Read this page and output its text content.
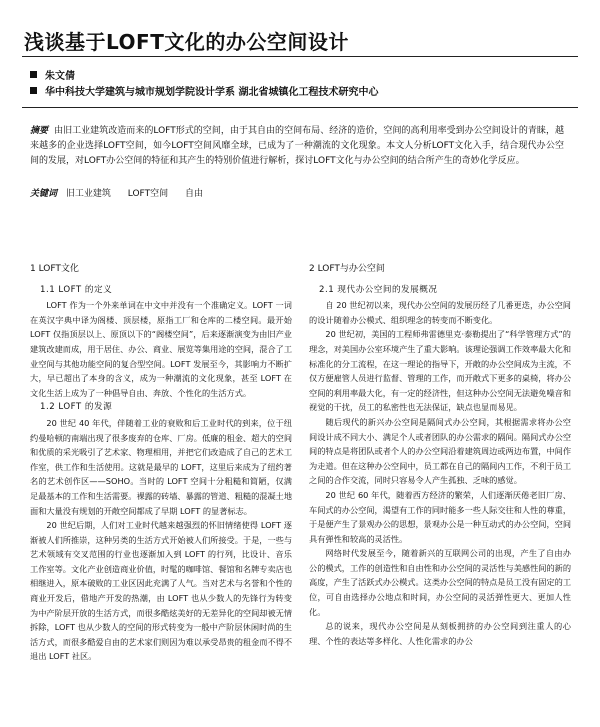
浅谈基于LOFT文化的办公空间设计
朱文倩
华中科技大学建筑与城市规划学院设计学系 湖北省城镇化工程技术研究中心

摘要 由旧工业建筑改造而来的LOFT形式的空间，由于其自由的空间布局、经济的造价，空间的高利用率受到办公空间设计的青睐，越来越多的企业选择LOFT空间，如今LOFT空间风靡全球，已成为了一种潮流的文化现象。本文人分析LOFT文化入手，结合现代办公空间的发展，对LOFT办公空间的特征和其产生的特别价值进行解析，探讨LOFT文化与办公空间的结合所产生的奇妙化学反应。

关键词 旧工业建筑 LOFT空间 自由
1 LOFT文化
1.1 LOFT 的定义

LOFT 作为一个外来单词在中文中并没有一个准确定义。LOFT 一词在英汉字典中译为阁楼、顶层楼，原指工厂和仓库的二楼空间。最开始 LOFT 仅指顶层以上、原顶以下的“阁楼空间”，后来逐渐演变为由旧产业建筑改建而成，用于居住、办公、商业、展览等集用途的空间，混合了工业空间与其他功能空间的复合型空间。LOFT 发展至今，其影响力不断扩大，早已超出了本身的含义，成为一种潮流的文化现象，甚至 LOFT 在文化生活上成为了一种倡导自由、奔放、个性化的生活方式。

1.2 LOFT 的发源

20 世纪 40 年代，伴随着工业的衰败和后工业时代的到来，位于纽约曼哈顿的南端出现了很多废弃的仓库、厂房。低廉的租金、超大的空间和优质的采光吸引了艺术家、物理相用，并把它们改造成了自己的艺术工作室，供工作和生活使用。这就是最早的 LOFT，这里后来成为了纽约著名的艺术创作区——SOHO。当时的 LOFT 空间十分粗糙和简陋，仅满足最基本的工作和生活需要。裸露的砖墙、暴露的管道、粗糙的混凝土地面和大量没有规划的开敞空间都成了早期 LOFT 的显著标志。

20 世纪后期，人们对工业时代越来越强烈的怀旧情绪使得 LOFT 逐渐被人们所推崇，这种另类的生活方式开始被人们所接受。于是，一些与艺术领域有交叉范围的行业也逐渐加入到 LOFT 的行列，比设计、音乐工作室等。文化产业创造商业价值，时髦的咖啡馆、餐馆和名牌专卖店也相继进入，原本破败的工业区因此充满了人气。当对艺术与名誉和个性的商业开发后，借地产开发的热潮，由 LOFT 也从少数人的先锋行为转变为中产阶层开放的生活方式，而很多酷炫美好的无差异化的空间却被无情拆除，LOFT 也从少数人的空间的形式转变为一般中产阶层休闲时尚的生活方式，而很多酷爱自由的艺术家们则因为难以承受昂贵的租金而不得不退出 LOFT 社区。

2 LOFT与办公空间
2.1 现代办公空间的发展概况

自 20 世纪初以来，现代办公空间的发展历经了几番更迭，办公空间的设计随着办公模式、组织理念的转变而不断变化。

20 世纪初，美国的工程师弗雷德里克·泰勒提出了“科学管理方式”的理念，对美国办公室环境产生了重大影响。该理论强调工作效率最大化和标准化的分工流程，在这一理论的指导下，开敞的办公空间成为主流，不仅方便雇管人员进行监督、管理的工作，而开敞式下更多的桌椅，将办公空间的利用率最大化，有一定的经济性，但这种办公空间无法避免噪音和视觉的干扰，员工的私密性也无法保证，缺点也显而易见。

随后现代的新兴办公空间是隔间式办公空间，其根据需求将办公空间设计成不同大小、满足个人或者团队的办公需求的隔间。隔间式办公空间的特点是将团队或者个人的办公空间沿着建筑周边或两边布置，中间作为走道。但在这种办公空间中，员工都在自己的隔间内工作，不利于员工之间的合作交流，同时只容易令人产生孤独、乏味的感觉。

20 世纪 60 年代，随着西方经济的繁荣，人们逐渐厌倦老旧厂房、车间式的办公空间，渴望有工作的同时能多一些人际交往和人性的尊重，于是便产生了景观办公的思想，景观办公是一种互动式的办公空间，空间具有弹性和较高的灵活性。

网络时代发展至今，随着新兴的互联网公司的出现，产生了自由办公的模式，工作的创造性和自由性和办公空间的灵活性与美感性间的新的高度，产生了活跃式办公模式。这类办公空间的特点是员工没有固定的工位，可自由选择办公地点和时间，办公空间的灵活弹性更大、更加人性化。

总的说来，现代办公空间是从刻板拥挤的办公空间到注重人的心理、个性的表达等多样化、人性化需求的办公
